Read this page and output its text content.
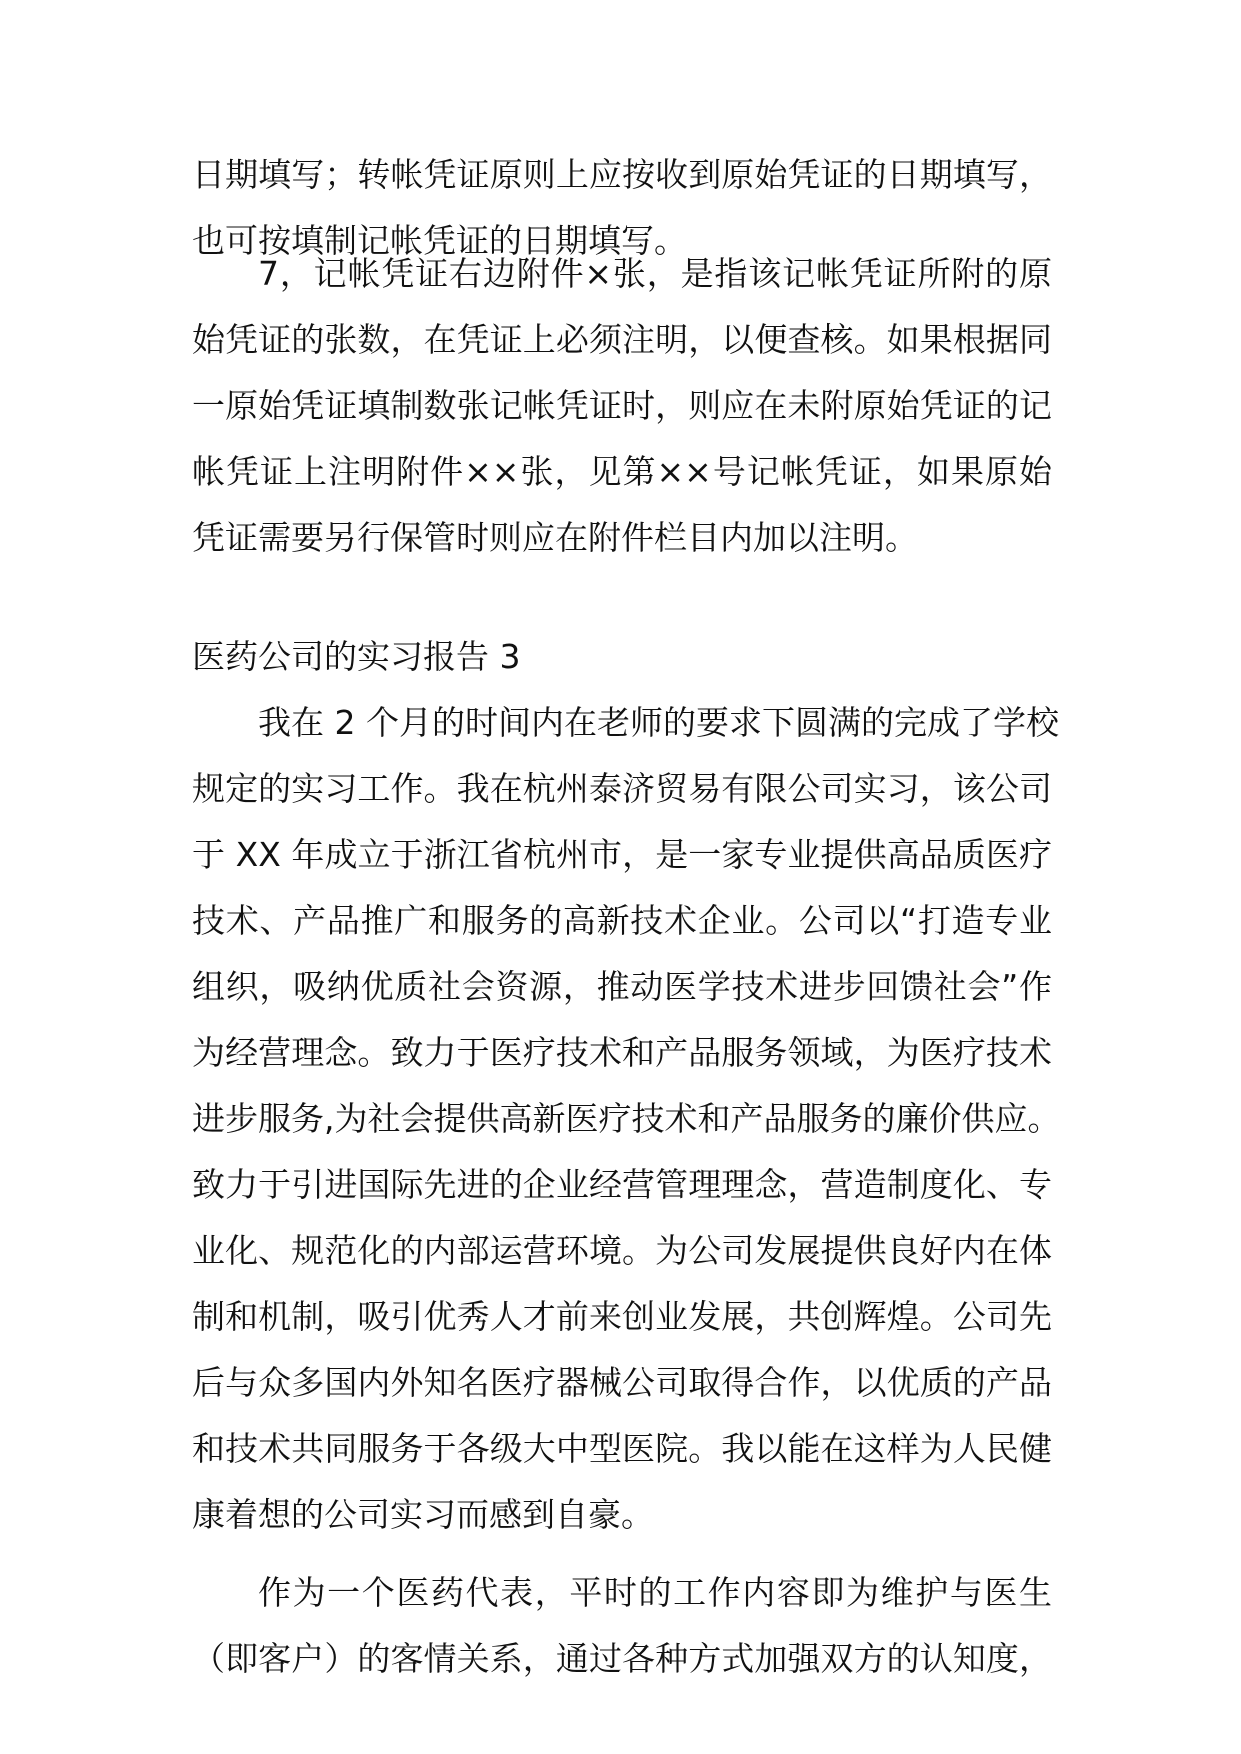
日期填写；转帐凭证原则上应按收到原始凭证的日期填写，
也可按填制记帐凭证的日期填写。
7，记帐凭证右边附件×张，是指该记帐凭证所附的原
始凭证的张数，在凭证上必须注明，以便查核。如果根据同
一原始凭证填制数张记帐凭证时，则应在未附原始凭证的记
帐凭证上注明附件××张，见第××号记帐凭证，如果原始
凭证需要另行保管时则应在附件栏目内加以注明。
医药公司的实习报告 3
我在 2 个月的时间内在老师的要求下圆满的完成了学校
规定的实习工作。我在杭州泰济贸易有限公司实习，该公司
于 XX 年成立于浙江省杭州市，是一家专业提供高品质医疗
技术、产品推广和服务的高新技术企业。公司以“打造专业
组织，吸纳优质社会资源，推动医学技术进步回馈社会”作
为经营理念。致力于医疗技术和产品服务领域，为医疗技术
进步服务,为社会提供高新医疗技术和产品服务的廉价供应。
致力于引进国际先进的企业经营管理理念，营造制度化、专
业化、规范化的内部运营环境。为公司发展提供良好内在体
制和机制，吸引优秀人才前来创业发展，共创辉煌。公司先
后与众多国内外知名医疗器械公司取得合作，以优质的产品
和技术共同服务于各级大中型医院。我以能在这样为人民健
康着想的公司实习而感到自豪。
作为一个医药代表，平时的工作内容即为维护与医生
（即客户）的客情关系，通过各种方式加强双方的认知度，
